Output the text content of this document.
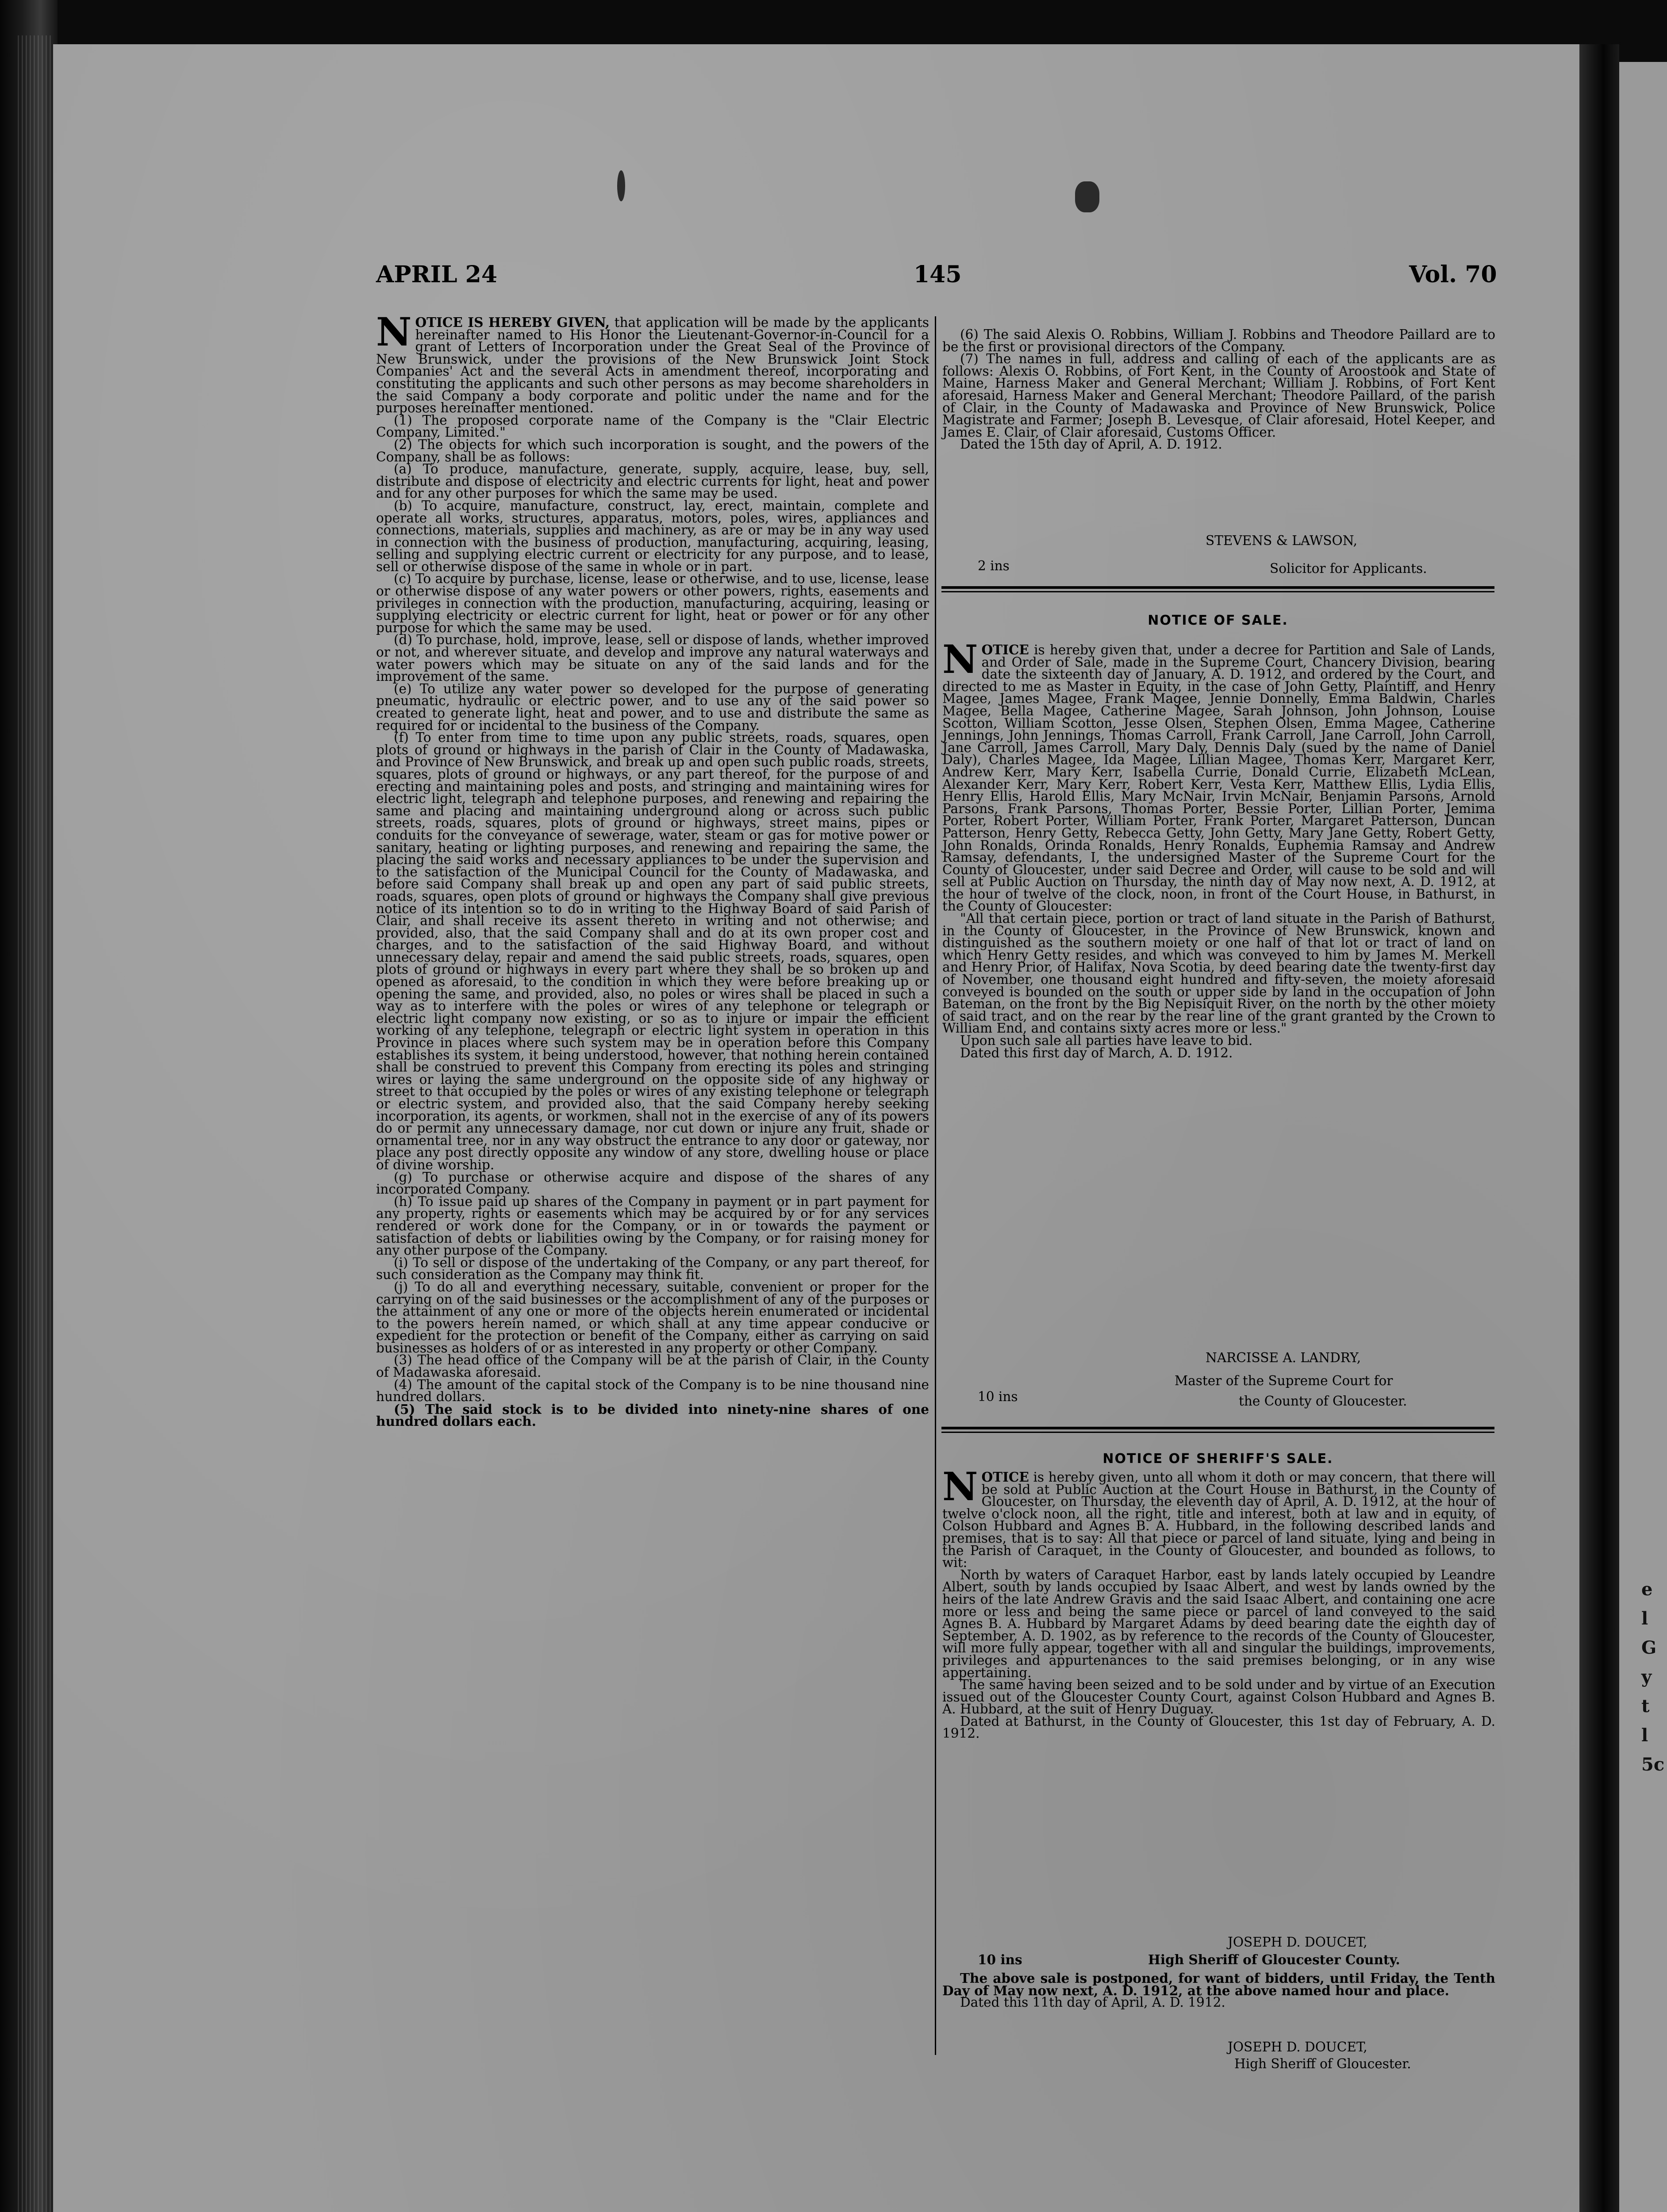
e
l
G
y
t
l
5c
APRIL 24	145	Vol. 70

NOTICE IS HEREBY GIVEN, that application will be made by the applicants hereinafter named to His Honor the Lieutenant-Governor-in-Council for a grant of Letters of Incorporation under the Great Seal of the Province of New Brunswick, under the provisions of the New Brunswick Joint Stock Companies' Act and the several Acts in amendment thereof, incorporating and constituting the applicants and such other persons as may become shareholders in the said Company a body corporate and politic under the name and for the purposes hereinafter mentioned.

(1) The proposed corporate name of the Company is the "Clair Electric Company, Limited."

(2) The objects for which such incorporation is sought, and the powers of the Company, shall be as follows:

(a) To produce, manufacture, generate, supply, acquire, lease, buy, sell, distribute and dispose of electricity and electric currents for light, heat and power and for any other purposes for which the same may be used.

(b) To acquire, manufacture, construct, lay, erect, maintain, complete and operate all works, structures, apparatus, motors, poles, wires, appliances and connections, materials, supplies and machinery, as are or may be in any way used in connection with the business of production, manufacturing, acquiring, leasing, selling and supplying electric current or electricity for any purpose, and to lease, sell or otherwise dispose of the same in whole or in part.

(c) To acquire by purchase, license, lease or otherwise, and to use, license, lease or otherwise dispose of any water powers or other powers, rights, easements and privileges in connection with the production, manufacturing, acquiring, leasing or supplying electricity or electric current for light, heat or power or for any other purpose for which the same may be used.

(d) To purchase, hold, improve, lease, sell or dispose of lands, whether improved or not, and wherever situate, and develop and improve any natural waterways and water powers which may be situate on any of the said lands and for the improvement of the same.

(e) To utilize any water power so developed for the purpose of generating pneumatic, hydraulic or electric power, and to use any of the said power so created to generate light, heat and power, and to use and distribute the same as required for or incidental to the business of the Company.

(f) To enter from time to time upon any public streets, roads, squares, open plots of ground or highways in the parish of Clair in the County of Madawaska, and Province of New Brunswick, and break up and open such public roads, streets, squares, plots of ground or highways, or any part thereof, for the purpose of and erecting and maintaining poles and posts, and stringing and maintaining wires for electric light, telegraph and telephone purposes, and renewing and repairing the same and placing and maintaining underground along or across such public streets, roads, squares, plots of ground or highways, street mains, pipes or conduits for the conveyance of sewerage, water, steam or gas for motive power or sanitary, heating or lighting purposes, and renewing and repairing the same, the placing the said works and necessary appliances to be under the supervision and to the satisfaction of the Municipal Council for the County of Madawaska, and before said Company shall break up and open any part of said public streets, roads, squares, open plots of ground or highways the Company shall give previous notice of its intention so to do in writing to the Highway Board of said Parish of Clair, and shall receive its assent thereto in writing and not otherwise; and provided, also, that the said Company shall and do at its own proper cost and charges, and to the satisfaction of the said Highway Board, and without unnecessary delay, repair and amend the said public streets, roads, squares, open plots of ground or highways in every part where they shall be so broken up and opened as aforesaid, to the condition in which they were before breaking up or opening the same, and provided, also, no poles or wires shall be placed in such a way as to interfere with the poles or wires of any telephone or telegraph or electric light company now existing, or so as to injure or impair the efficient working of any telephone, telegraph or electric light system in operation in this Province in places where such system may be in operation before this Company establishes its system, it being understood, however, that nothing herein contained shall be construed to prevent this Company from erecting its poles and stringing wires or laying the same underground on the opposite side of any highway or street to that occupied by the poles or wires of any existing telephone or telegraph or electric system, and provided also, that the said Company hereby seeking incorporation, its agents, or workmen, shall not in the exercise of any of its powers do or permit any unnecessary damage, nor cut down or injure any fruit, shade or ornamental tree, nor in any way obstruct the entrance to any door or gateway, nor place any post directly opposite any window of any store, dwelling house or place of divine worship.

(g) To purchase or otherwise acquire and dispose of the shares of any incorporated Company.

(h) To issue paid up shares of the Company in payment or in part payment for any property, rights or easements which may be acquired by or for any services rendered or work done for the Company, or in or towards the payment or satisfaction of debts or liabilities owing by the Company, or for raising money for any other purpose of the Company.

(i) To sell or dispose of the undertaking of the Company, or any part thereof, for such consideration as the Company may think fit.

(j) To do all and everything necessary, suitable, convenient or proper for the carrying on of the said businesses or the accomplishment of any of the purposes or the attainment of any one or more of the objects herein enumerated or incidental to the powers herein named, or which shall at any time appear conducive or expedient for the protection or benefit of the Company, either as carrying on said businesses as holders of or as interested in any property or other Company.

(3) The head office of the Company will be at the parish of Clair, in the County of Madawaska aforesaid.

(4) The amount of the capital stock of the Company is to be nine thousand nine hundred dollars.

(5) The said stock is to be divided into ninety-nine shares of one hundred dollars each.

(6) The said Alexis O. Robbins, William J. Robbins and Theodore Paillard are to be the first or provisional directors of the Company.

(7) The names in full, address and calling of each of the applicants are as follows: Alexis O. Robbins, of Fort Kent, in the County of Aroostook and State of Maine, Harness Maker and General Merchant; William J. Robbins, of Fort Kent aforesaid, Harness Maker and General Merchant; Theodore Paillard, of the parish of Clair, in the County of Madawaska and Province of New Brunswick, Police Magistrate and Farmer; Joseph B. Levesque, of Clair aforesaid, Hotel Keeper, and James E. Clair, of Clair aforesaid, Customs Officer.

Dated the 15th day of April, A. D. 1912.

STEVENS & LAWSON,
2 ins	Solicitor for Applicants.
NOTICE OF SALE.

NOTICE is hereby given that, under a decree for Partition and Sale of Lands, and Order of Sale, made in the Supreme Court, Chancery Division, bearing date the sixteenth day of January, A. D. 1912, and ordered by the Court, and directed to me as Master in Equity, in the case of John Getty, Plaintiff, and Henry Magee, James Magee, Frank Magee, Jennie Donnelly, Emma Baldwin, Charles Magee, Bella Magee, Catherine Magee, Sarah Johnson, John Johnson, Louise Scotton, William Scotton, Jesse Olsen, Stephen Olsen, Emma Magee, Catherine Jennings, John Jennings, Thomas Carroll, Frank Carroll, Jane Carroll, John Carroll, Jane Carroll, James Carroll, Mary Daly, Dennis Daly (sued by the name of Daniel Daly), Charles Magee, Ida Magee, Lillian Magee, Thomas Kerr, Margaret Kerr, Andrew Kerr, Mary Kerr, Isabella Currie, Donald Currie, Elizabeth McLean, Alexander Kerr, Mary Kerr, Robert Kerr, Vesta Kerr, Matthew Ellis, Lydia Ellis, Henry Ellis, Harold Ellis, Mary McNair, Irvin McNair, Benjamin Parsons, Arnold Parsons, Frank Parsons, Thomas Porter, Bessie Porter, Lillian Porter, Jemima Porter, Robert Porter, William Porter, Frank Porter, Margaret Patterson, Duncan Patterson, Henry Getty, Rebecca Getty, John Getty, Mary Jane Getty, Robert Getty, John Ronalds, Orinda Ronalds, Henry Ronalds, Euphemia Ramsay and Andrew Ramsay, defendants, I, the undersigned Master of the Supreme Court for the County of Gloucester, under said Decree and Order, will cause to be sold and will sell at Public Auction on Thursday, the ninth day of May now next, A. D. 1912, at the hour of twelve of the clock, noon, in front of the Court House, in Bathurst, in the County of Gloucester:

"All that certain piece, portion or tract of land situate in the Parish of Bathurst, in the County of Gloucester, in the Province of New Brunswick, known and distinguished as the southern moiety or one half of that lot or tract of land on which Henry Getty resides, and which was conveyed to him by James M. Merkell and Henry Prior, of Halifax, Nova Scotia, by deed bearing date the twenty-first day of November, one thousand eight hundred and fifty-seven, the moiety aforesaid conveyed is bounded on the south or upper side by land in the occupation of John Bateman, on the front by the Big Nepisiquit River, on the north by the other moiety of said tract, and on the rear by the rear line of the grant granted by the Crown to William End, and contains sixty acres more or less."

Upon such sale all parties have leave to bid.

Dated this first day of March, A. D. 1912.

NARCISSE A. LANDRY,
Master of the Supreme Court for
10 ins	the County of Gloucester.
NOTICE OF SHERIFF'S SALE.

NOTICE is hereby given, unto all whom it doth or may concern, that there will be sold at Public Auction at the Court House in Bathurst, in the County of Gloucester, on Thursday, the eleventh day of April, A. D. 1912, at the hour of twelve o'clock noon, all the right, title and interest, both at law and in equity, of Colson Hubbard and Agnes B. A. Hubbard, in the following described lands and premises, that is to say: All that piece or parcel of land situate, lying and being in the Parish of Caraquet, in the County of Gloucester, and bounded as follows, to wit:

North by waters of Caraquet Harbor, east by lands lately occupied by Leandre Albert, south by lands occupied by Isaac Albert, and west by lands owned by the heirs of the late Andrew Gravis and the said Isaac Albert, and containing one acre more or less and being the same piece or parcel of land conveyed to the said Agnes B. A. Hubbard by Margaret Adams by deed bearing date the eighth day of September, A. D. 1902, as by reference to the records of the County of Gloucester, will more fully appear, together with all and singular the buildings, improvements, privileges and appurtenances to the said premises belonging, or in any wise appertaining.

The same having been seized and to be sold under and by virtue of an Execution issued out of the Gloucester County Court, against Colson Hubbard and Agnes B. A. Hubbard, at the suit of Henry Duguay.

Dated at Bathurst, in the County of Gloucester, this 1st day of February, A. D. 1912.

JOSEPH D. DOUCET,
10 ins	High Sheriff of Gloucester County.

The above sale is postponed, for want of bidders, until Friday, the Tenth Day of May now next, A. D. 1912, at the above named hour and place.

Dated this 11th day of April, A. D. 1912.

JOSEPH D. DOUCET,
High Sheriff of Gloucester.
